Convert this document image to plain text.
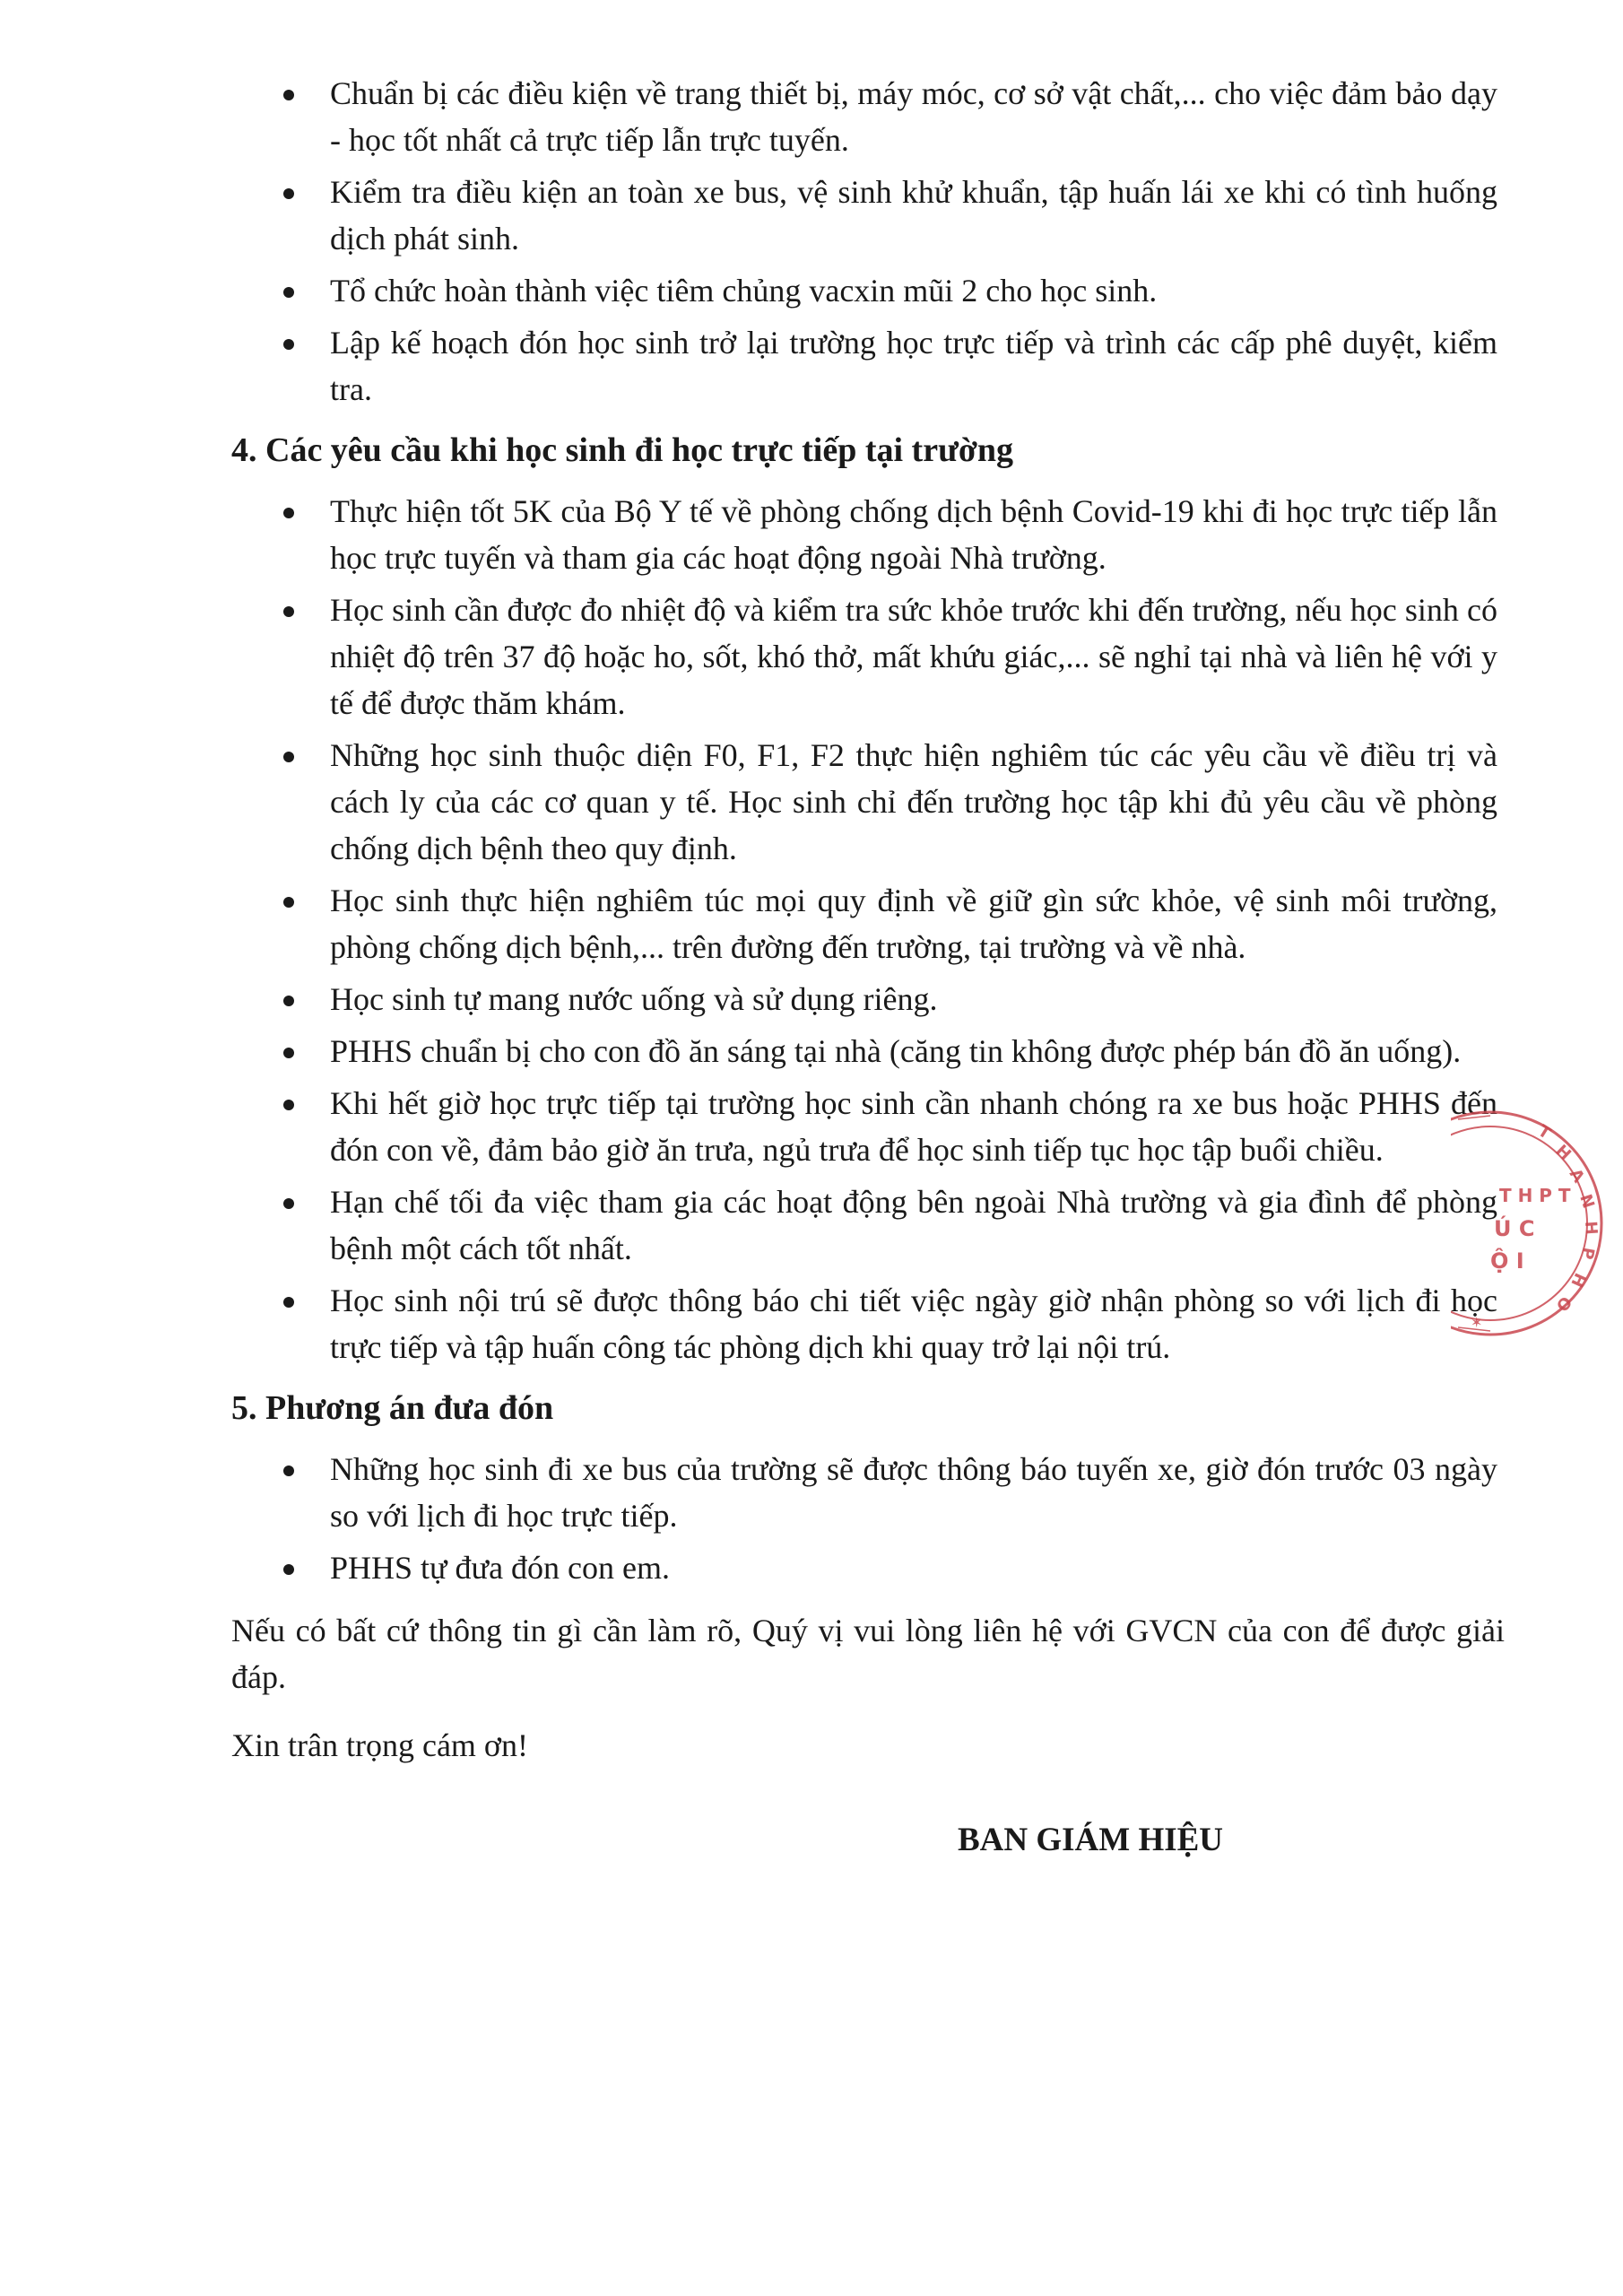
Chuẩn bị các điều kiện về trang thiết bị, máy móc, cơ sở vật chất,... cho việc đảm bảo dạy - học tốt nhất cả trực tiếp lẫn trực tuyến.
Kiểm tra điều kiện an toàn xe bus, vệ sinh khử khuẩn, tập huấn lái xe khi có tình huống dịch phát sinh.
Tổ chức hoàn thành việc tiêm chủng vacxin mũi 2 cho học sinh.
Lập kế hoạch đón học sinh trở lại trường học trực tiếp và trình các cấp phê duyệt, kiểm tra.
4. Các yêu cầu khi học sinh đi học trực tiếp tại trường
Thực hiện tốt 5K của Bộ Y tế về phòng chống dịch bệnh Covid-19 khi đi học trực tiếp lẫn học trực tuyến và tham gia các hoạt động ngoài Nhà trường.
Học sinh cần được đo nhiệt độ và kiểm tra sức khỏe trước khi đến trường, nếu học sinh có nhiệt độ trên 37 độ hoặc ho, sốt, khó thở, mất khứu giác,... sẽ nghỉ tại nhà và liên hệ với y tế để được thăm khám.
Những học sinh thuộc diện F0, F1, F2 thực hiện nghiêm túc các yêu cầu về điều trị và cách ly của các cơ quan y tế. Học sinh chỉ đến trường học tập khi đủ yêu cầu về phòng chống dịch bệnh theo quy định.
Học sinh thực hiện nghiêm túc mọi quy định về giữ gìn sức khỏe, vệ sinh môi trường, phòng chống dịch bệnh,... trên đường đến trường, tại trường và về nhà.
Học sinh tự mang nước uống và sử dụng riêng.
PHHS chuẩn bị cho con đồ ăn sáng tại nhà (căng tin không được phép bán đồ ăn uống).
Khi hết giờ học trực tiếp tại trường học sinh cần nhanh chóng ra xe bus hoặc PHHS đến đón con về, đảm bảo giờ ăn trưa, ngủ trưa để học sinh tiếp tục học tập buổi chiều.
Hạn chế tối đa việc tham gia các hoạt động bên ngoài Nhà trường và gia đình để phòng bệnh một cách tốt nhất.
Học sinh nội trú sẽ được thông báo chi tiết việc ngày giờ nhận phòng so với lịch đi học trực tiếp và tập huấn công tác phòng dịch khi quay trở lại nội trú.
5. Phương án đưa đón
Những học sinh đi xe bus của trường sẽ được thông báo tuyến xe, giờ đón trước 03 ngày so với lịch đi học trực tiếp.
PHHS tự đưa đón con em.
Nếu có bất cứ thông tin gì cần làm rõ, Quý vị vui lòng liên hệ với GVCN của con để được giải đáp.
Xin trân trọng cám ơn!
BAN GIÁM HIỆU
T
H
A
N
H
P
H
O
T H P T
Ú C
Ộ I
✶
